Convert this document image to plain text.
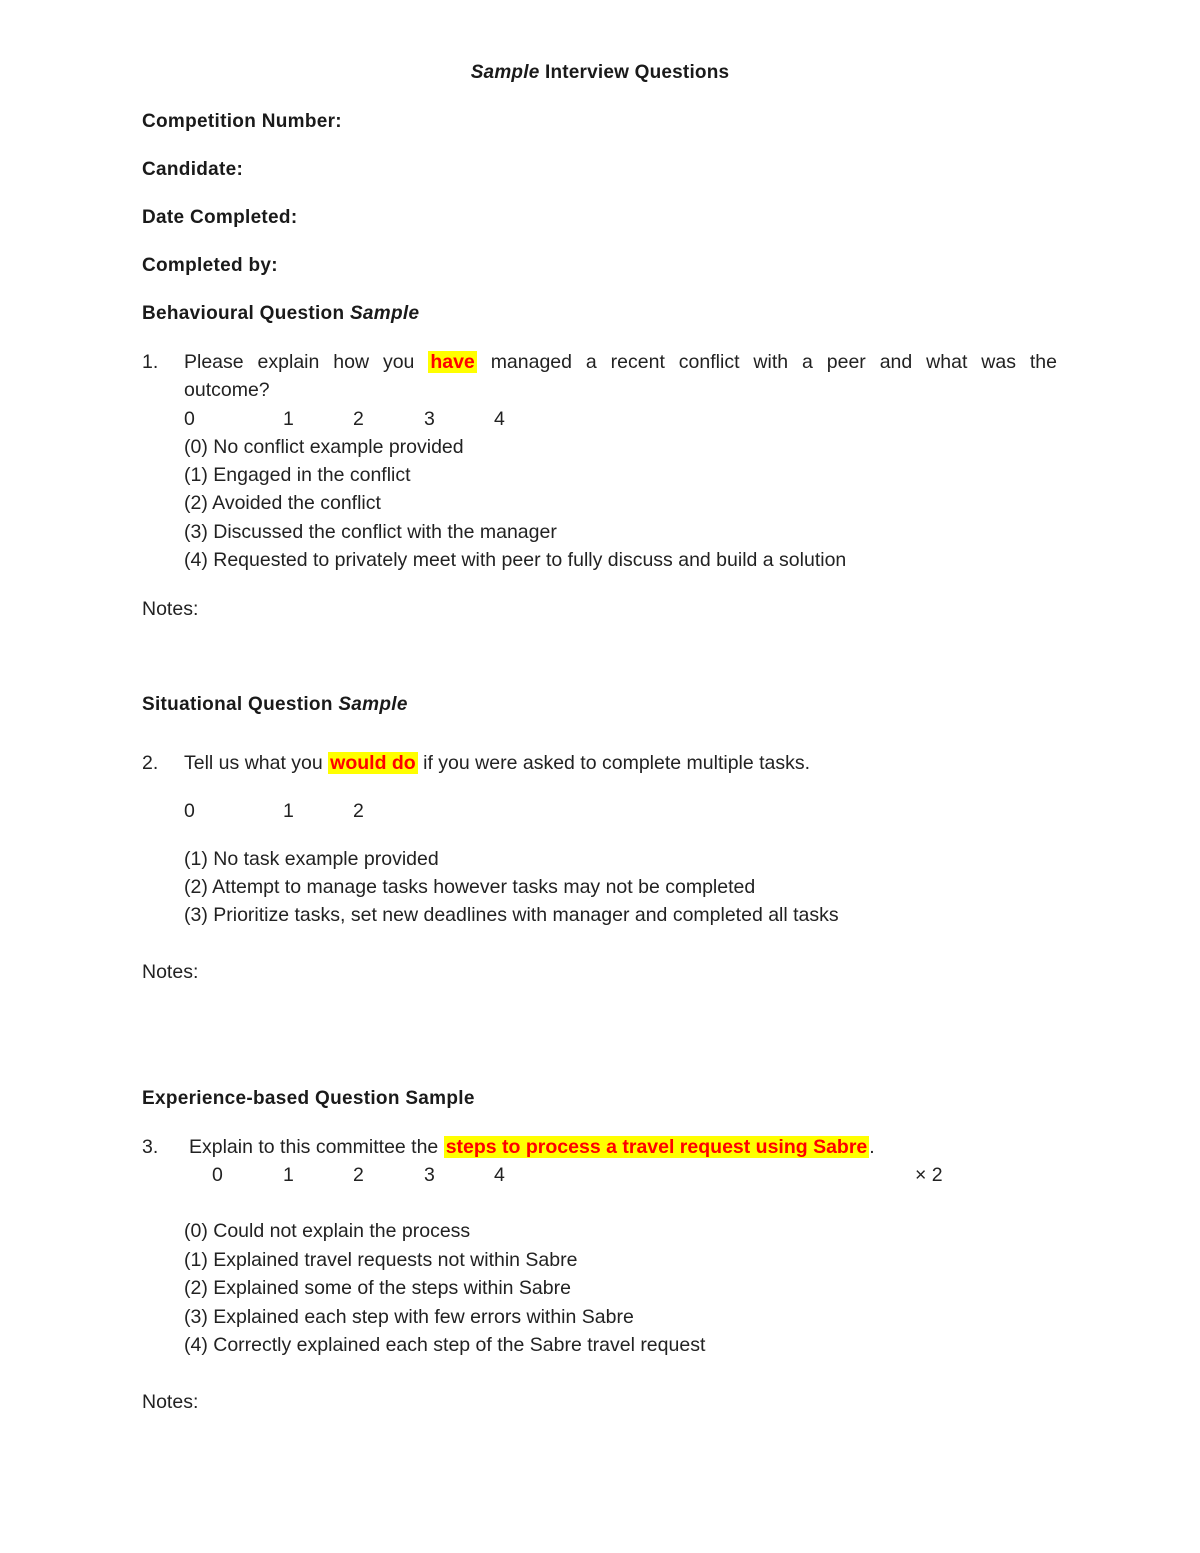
Sample Interview Questions
Competition Number:
Candidate:
Date Completed:
Completed by:
Behavioural Question Sample
1. Please explain how you have managed a recent conflict with a peer and what was the
outcome?
0	1	2	3	4
(0) No conflict example provided
(1) Engaged in the conflict
(2) Avoided the conflict
(3) Discussed the conflict with the manager
(4) Requested to privately meet with peer to fully discuss and build a solution
Notes:
Situational Question Sample
2. Tell us what you would do if you were asked to complete multiple tasks.
0	1	2
(1) No task example provided
(2) Attempt to manage tasks however tasks may not be completed
(3) Prioritize tasks, set new deadlines with manager and completed all tasks
Notes:
Experience-based Question Sample
3. Explain to this committee the steps to process a travel request using Sabre .
0	1	2	3	4	× 2
(0) Could not explain the process
(1) Explained travel requests not within Sabre
(2) Explained some of the steps within Sabre
(3) Explained each step with few errors within Sabre
(4) Correctly explained each step of the Sabre travel request
Notes:
